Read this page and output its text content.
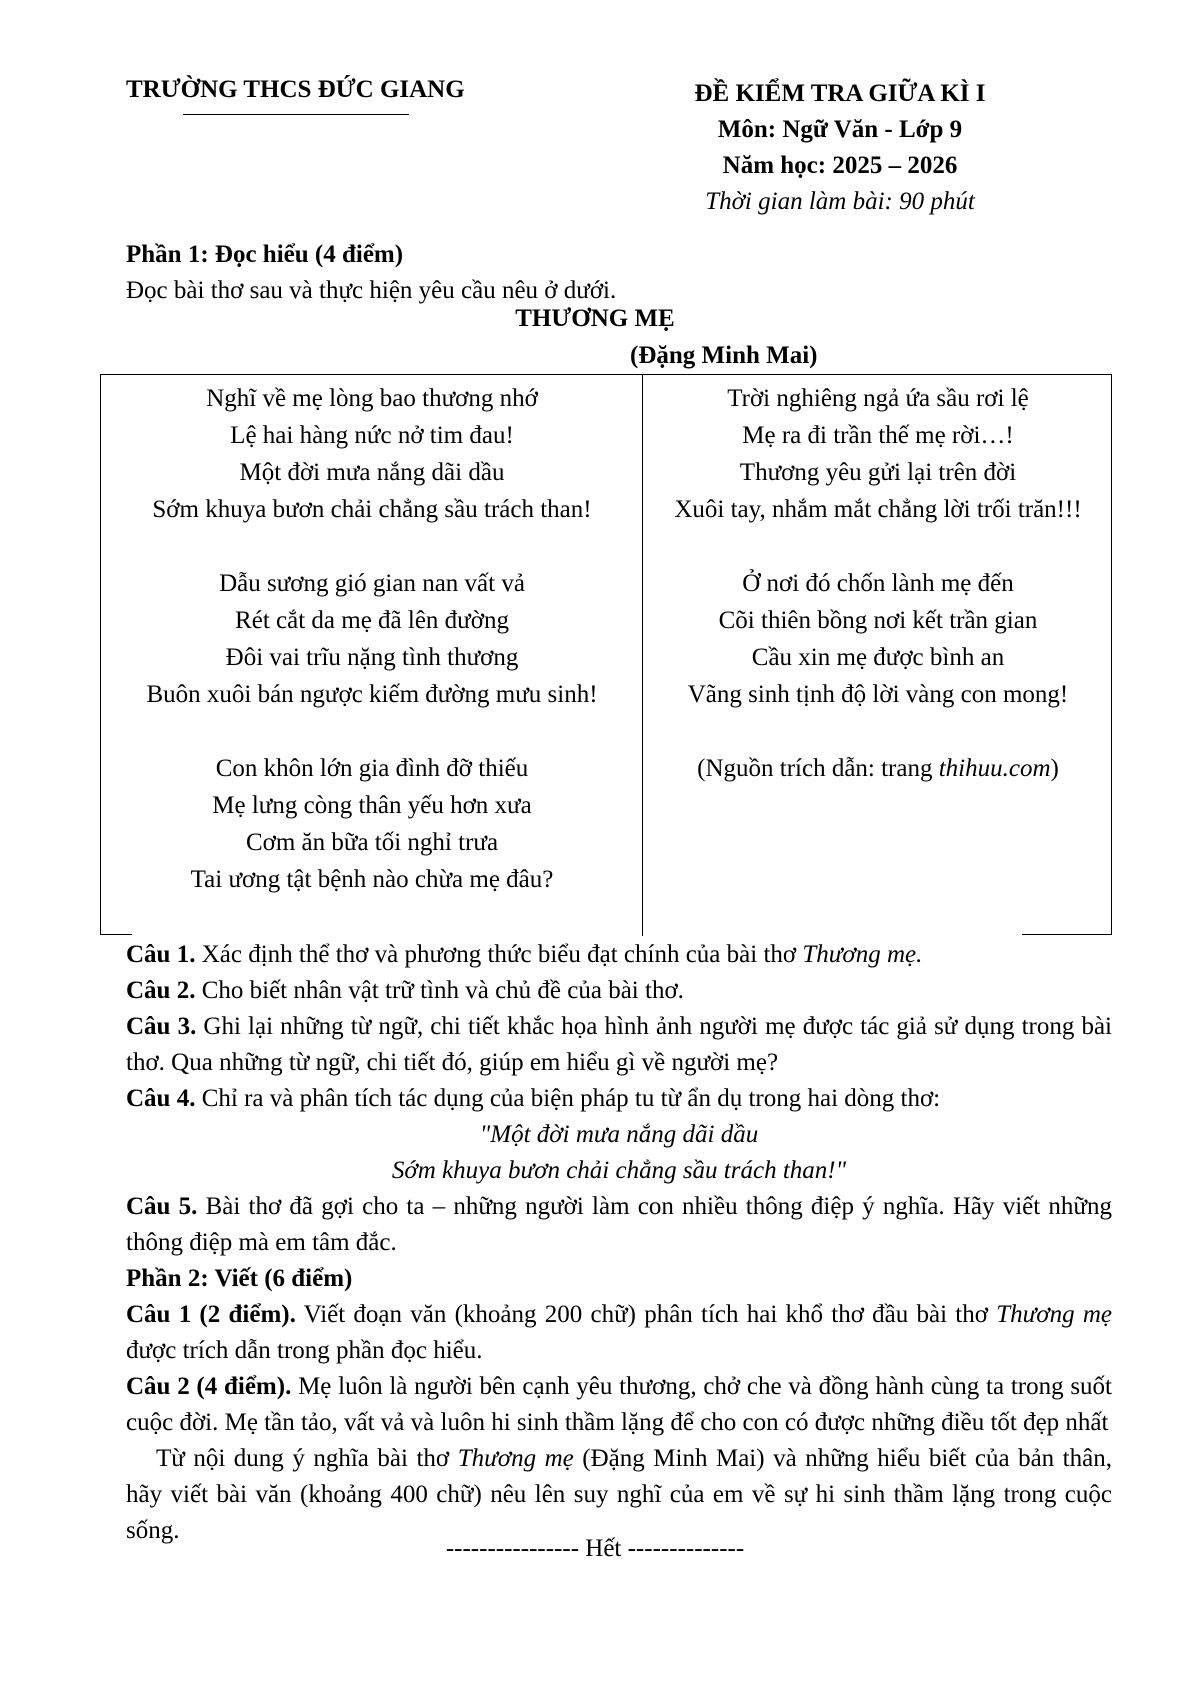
TRƯỜNG THCS ĐỨC GIANG	ĐỀ KIỂM TRA GIỮA KÌ I
Môn: Ngữ Văn - Lớp 9
Năm học: 2025 – 2026
Thời gian làm bài: 90 phút
Phần 1: Đọc hiểu (4 điểm)
Đọc bài thơ sau và thực hiện yêu cầu nêu ở dưới.
THƯƠNG MẸ
(Đặng Minh Mai)
Nghĩ về mẹ lòng bao thương nhớ
Lệ hai hàng nức nở tim đau!
Một đời mưa nắng dãi dầu
Sớm khuya bươn chải chẳng sầu trách than!
Dẫu sương gió gian nan vất vả
Rét cắt da mẹ đã lên đường
Đôi vai trĩu nặng tình thương
Buôn xuôi bán ngược kiếm đường mưu sinh!
Con khôn lớn gia đình đỡ thiếu
Mẹ lưng còng thân yếu hơn xưa
Cơm ăn bữa tối nghỉ trưa
Tai ương tật bệnh nào chừa mẹ đâu?
Trời nghiêng ngả ứa sầu rơi lệ
Mẹ ra đi trần thế mẹ rời…!
Thương yêu gửi lại trên đời
Xuôi tay, nhắm mắt chẳng lời trối trăn!!!
Ở nơi đó chốn lành mẹ đến
Cõi thiên bồng nơi kết trần gian
Cầu xin mẹ được bình an
Vãng sinh tịnh độ lời vàng con mong!
(Nguồn trích dẫn: trang thihuu.com)

Câu 1. Xác định thể thơ và phương thức biểu đạt chính của bài thơ Thương mẹ.

Câu 2. Cho biết nhân vật trữ tình và chủ đề của bài thơ.

Câu 3. Ghi lại những từ ngữ, chi tiết khắc họa hình ảnh người mẹ được tác giả sử dụng trong bài thơ. Qua những từ ngữ, chi tiết đó, giúp em hiểu gì về người mẹ?

Câu 4. Chỉ ra và phân tích tác dụng của biện pháp tu từ ẩn dụ trong hai dòng thơ:

"Một đời mưa nắng dãi dầu

Sớm khuya bươn chải chẳng sầu trách than!"

Câu 5. Bài thơ đã gợi cho ta – những người làm con nhiều thông điệp ý nghĩa. Hãy viết những thông điệp mà em tâm đắc.

Phần 2: Viết (6 điểm)

Câu 1 (2 điểm). Viết đoạn văn (khoảng 200 chữ) phân tích hai khổ thơ đầu bài thơ Thương mẹ được trích dẫn trong phần đọc hiểu.

Câu 2 (4 điểm). Mẹ luôn là người bên cạnh yêu thương, chở che và đồng hành cùng ta trong suốt cuộc đời. Mẹ tần tảo, vất vả và luôn hi sinh thầm lặng để cho con có được những điều tốt đẹp nhất

Từ nội dung ý nghĩa bài thơ Thương mẹ (Đặng Minh Mai) và những hiểu biết của bản thân, hãy viết bài văn (khoảng 400 chữ) nêu lên suy nghĩ của em về sự hi sinh thầm lặng trong cuộc sống.

---------------- Hết --------------
